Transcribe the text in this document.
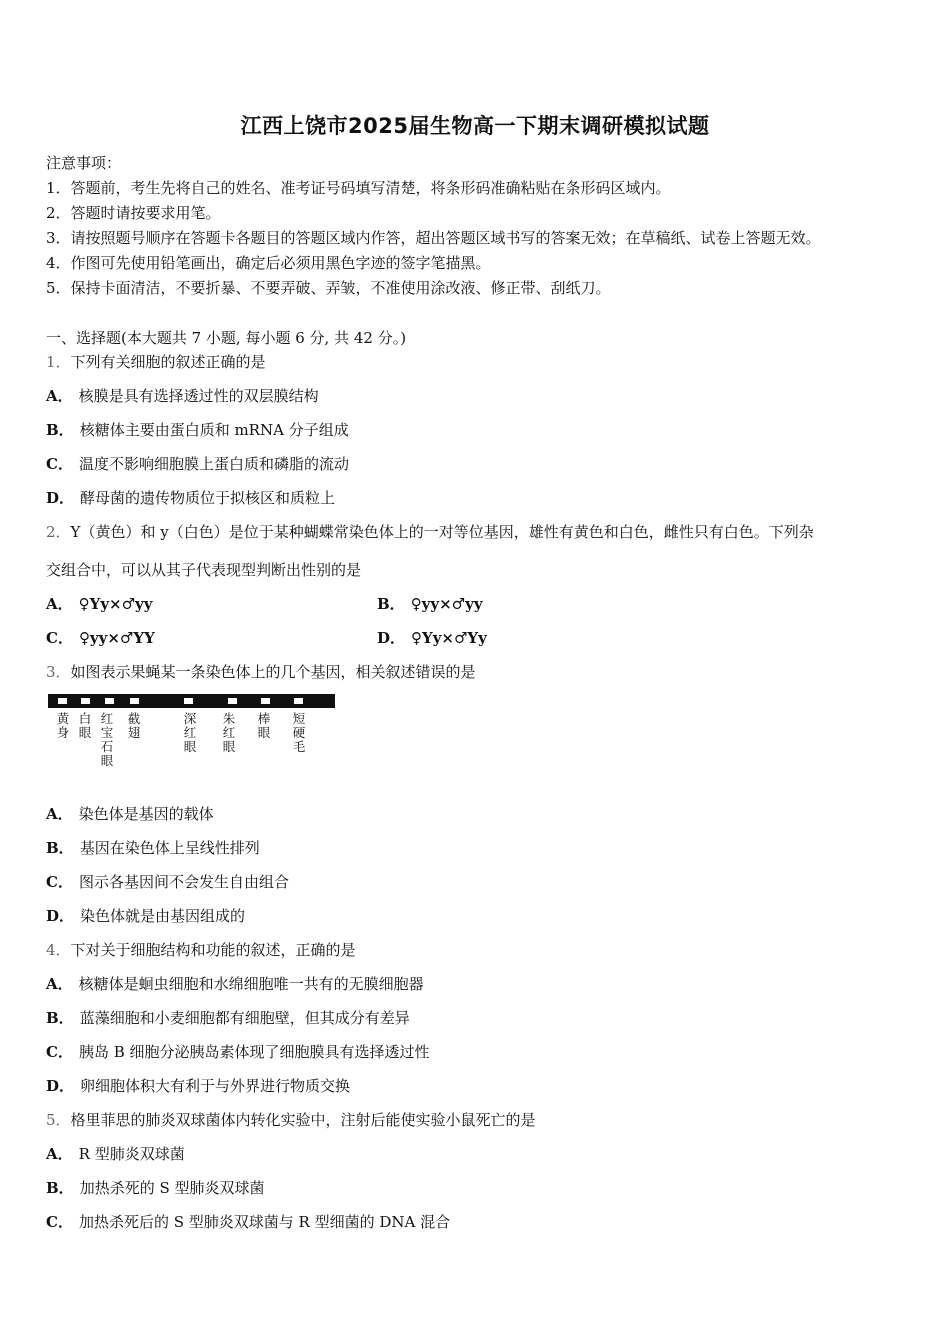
江西上饶市2025届生物高一下期末调研模拟试题
注意事项：
1．答题前，考生先将自己的姓名、准考证号码填写清楚，将条形码准确粘贴在条形码区域内。
2．答题时请按要求用笔。
3．请按照题号顺序在答题卡各题目的答题区域内作答，超出答题区域书写的答案无效；在草稿纸、试卷上答题无效。
4．作图可先使用铅笔画出，确定后必须用黑色字迹的签字笔描黑。
5．保持卡面清洁，不要折暴、不要弄破、弄皱，不准使用涂改液、修正带、刮纸刀。
一、选择题(本大题共 7 小题, 每小题 6 分, 共 42 分。)
1．下列有关细胞的叙述正确的是
A． 核膜是具有选择透过性的双层膜结构
B． 核糖体主要由蛋白质和 mRNA 分子组成
C． 温度不影响细胞膜上蛋白质和磷脂的流动
D． 酵母菌的遗传物质位于拟核区和质粒上
2．Y（黄色）和 y（白色）是位于某种蝴蝶常染色体上的一对等位基因，雄性有黄色和白色，雌性只有白色。下列杂
交组合中，可以从其子代表现型判断出性别的是
A． ♀Yy×♂yy	B． ♀yy×♂yy
C． ♀yy×♂YY	D． ♀Yy×♂Yy
3．如图表示果蝇某一条染色体上的几个基因，相关叙述错误的是
黄身
白眼
红宝石眼
截翅
深红眼
朱红眼
棒眼
短硬毛
A． 染色体是基因的载体
B． 基因在染色体上呈线性排列
C． 图示各基因间不会发生自由组合
D． 染色体就是由基因组成的
4．下对关于细胞结构和功能的叙述，正确的是
A． 核糖体是蛔虫细胞和水绵细胞唯一共有的无膜细胞器
B． 蓝藻细胞和小麦细胞都有细胞壁，但其成分有差异
C． 胰岛 B 细胞分泌胰岛素体现了细胞膜具有选择透过性
D． 卵细胞体积大有利于与外界进行物质交换
5．格里菲思的肺炎双球菌体内转化实验中，注射后能使实验小鼠死亡的是
A． R 型肺炎双球菌
B． 加热杀死的 S 型肺炎双球菌
C． 加热杀死后的 S 型肺炎双球菌与 R 型细菌的 DNA 混合
